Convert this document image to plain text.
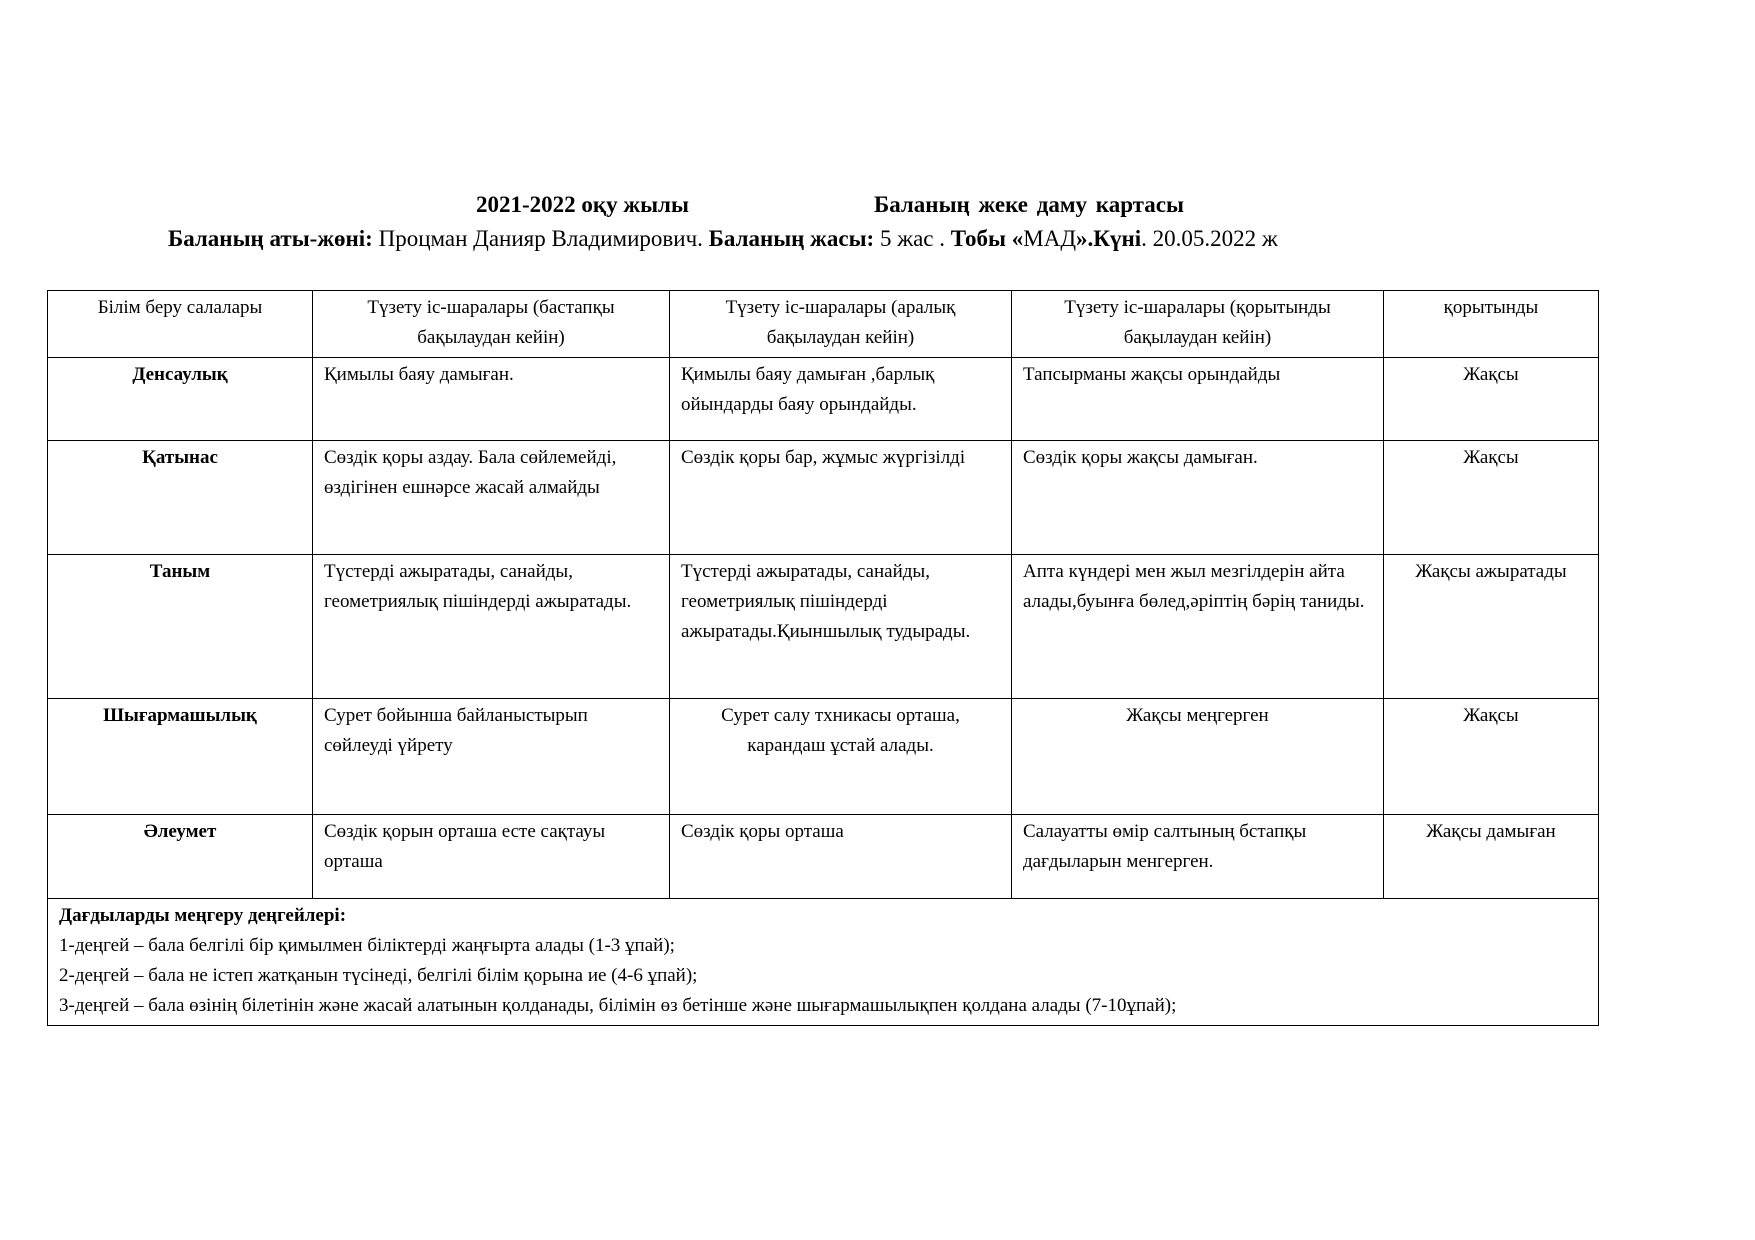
2021-2022 оқу жылы	Баланың жеке даму картасы
Баланың аты-жөні: Процман Данияр Владимирович. Баланың жасы: 5 жас . Тобы «МАД».Күні. 20.05.2022 ж
Білім беру салалары	Түзету іс-шаралары (бастапқы бақылаудан кейін)	Түзету іс-шаралары (аралық бақылаудан кейін)	Түзету іс-шаралары (қорытынды бақылаудан кейін)	қорытынды
Денсаулық	Қимылы баяу дамыған.	Қимылы баяу дамыған ,барлық ойындарды баяу орындайды.	Тапсырманы жақсы орындайды	Жақсы
Қатынас	Сөздік қоры аздау. Бала сөйлемейді, өздігінен ешнәрсе жасай алмайды	Сөздік қоры бар, жұмыс жүргізілді	Сөздік қоры жақсы дамыған.	Жақсы
Таным	Түстерді ажыратады, санайды, геометриялық пішіндерді ажыратады.	Түстерді ажыратады, санайды, геометриялық пішіндерді ажыратады.Қиыншылық тудырады.	Апта күндері мен жыл мезгілдерін айта алады,буынға бөлед,әріптің бәрің таниды.	Жақсы ажыратады
Шығармашылық	Сурет бойынша байланыстырып сөйлеуді үйрету	Сурет салу тхникасы орташа, карандаш ұстай алады.	Жақсы меңгерген	Жақсы
Әлеумет	Сөздік қорын орташа есте сақтауы орташа	Сөздік қоры орташа	Салауатты өмір салтының бстапқы дағдыларын менгерген.	Жақсы дамыған

Дағдыларды меңгеру деңгейлері:
1-деңгей – бала белгілі бір қимылмен біліктерді жаңғырта алады (1-3 ұпай);
2-деңгей – бала не істеп жатқанын түсінеді, белгілі білім қорына ие (4-6 ұпай);
3-деңгей – бала өзінің білетінін және жасай алатынын қолданады, білімін өз бетінше және шығармашылықпен қолдана алады (7-10ұпай);				
